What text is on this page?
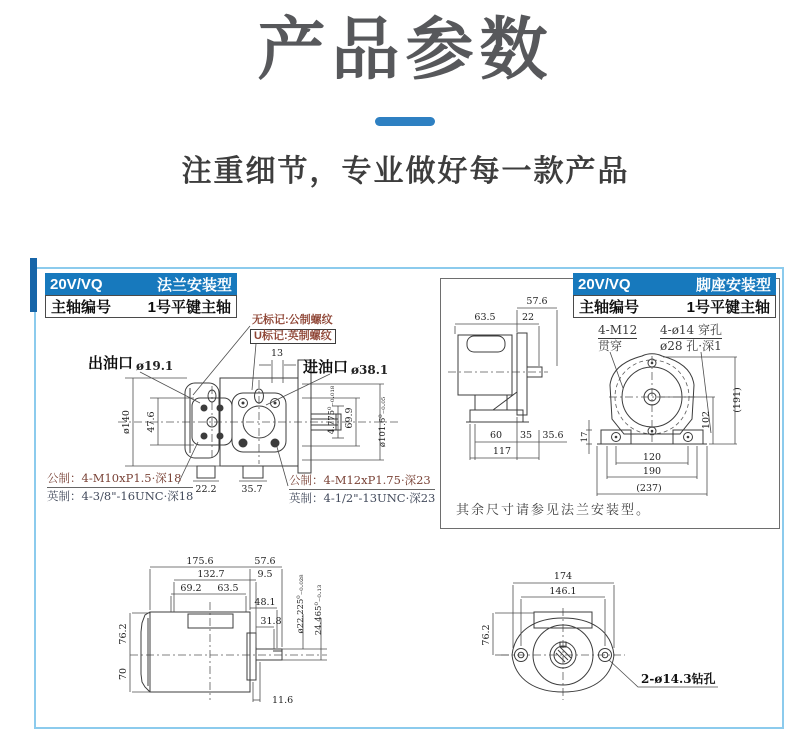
产品参数
注重细节，专业做好每一款产品
13
ø140 47.6
22.2	35.7
4.775⁰₋₀.₀₁₈ 69.9	ø101.6⁰₋₀.₀₅
57.6
63.5	22
60 35 35.6
117
17
(191)
102
120
190
(237)
175.6	57.6
132.7	9.5
69.2 63.5
48.1
31.8
76.2
70
11.6
ø22.225⁰₋₀.₀₂₈ 24.465⁰₋₀.₁₃
174
146.1
76.2
2-ø14.3钻孔
20V/VQ	法兰安装型
主轴编号 1号平键主轴
20V/VQ	脚座安装型
主轴编号	1号平键主轴
无标记:公制螺纹
U标记:英制螺纹
出油口 ø19.1	进油口 ø38.1
公制：4-M10xP1.5·深18
英制：4-3/8"-16UNC·深18
公制：4-M12xP1.75·深23
英制：4-1/2"-13UNC·深23
4-M12
贯穿
4-ø14 穿孔
ø28 孔·深1
其余尺寸请参见法兰安装型。
